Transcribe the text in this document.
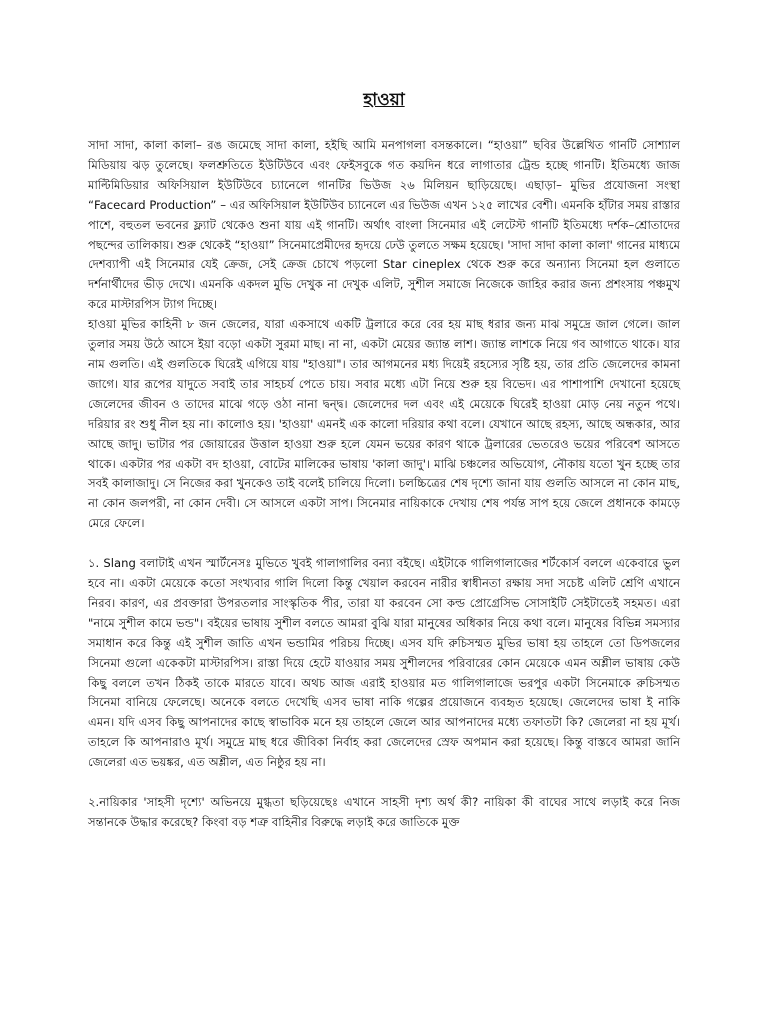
হাওয়া

সাদা সাদা, কালা কালা– রঙ জমেছে সাদা কালা, হইছি আমি মনপাগলা বসন্তকালে। “হাওয়া” ছবির উল্লেখিত গানটি সোশ্যাল মিডিয়ায় ঝড় তুলেছে। ফলশ্রুতিতে ইউটিউবে এবং ফেইসবুকে গত কয়দিন ধরে লাগাতার ট্রেন্ড হচ্ছে গানটি। ইতিমধ্যে জাজ মাল্টিমিডিয়ার অফিসিয়াল ইউটিউবে চ্যানেলে গানটির ভিউজ ২৬ মিলিয়ন ছাড়িয়েছে। এছাড়া– মুভির প্রযোজনা সংস্থা “Facecard Production” – এর অফিসিয়াল ইউটিউব চ্যানেলে এর ভিউজ এখন ১২৫ লাখের বেশী। এমনকি হাঁটার সময় রাস্তার পাশে, বহুতল ভবনের ফ্ল্যাট থেকেও শুনা যায় এই গানটি। অর্থাৎ বাংলা সিনেমার এই লেটেস্ট গানটি ইতিমধ্যে দর্শক–শ্রোতাদের পছন্দের তালিকায়। শুরু থেকেই “হাওয়া” সিনেমাপ্রেমীদের হৃদয়ে ঢেউ তুলতে সক্ষম হয়েছে। 'সাদা সাদা কালা কালা' গানের মাধ্যমে দেশব্যাপী এই সিনেমার যেই ক্রেজ, সেই ক্রেজ চোখে পড়লো Star cineplex থেকে শুরু করে অন্যান্য সিনেমা হল গুলাতে দর্শনার্থীদের ভীড় দেখে। এমনকি একদল মুভি দেখুক না দেখুক এলিট, সুশীল সমাজে নিজেকে জাহির করার জন্য প্রশংসায় পঞ্চমুখ করে মাস্টারপিস ট্যাগ দিচ্ছে।

হাওয়া মুভির কাহিনী ৮ জন জেলের, যারা একসাথে একটি ট্রলারে করে বের হয় মাছ ধরার জন্য মাঝ সমুদ্রে জাল গেলে। জাল তুলার সময় উঠে আসে ইয়া বড়ো একটা সুরমা মাছ। না না, একটা মেয়ের জ্যান্ত লাশ। জ্যান্ত লাশকে নিয়ে গব আগাতে থাকে। যার নাম গুলতি। এই গুলতিকে ঘিরেই এগিয়ে যায় "হাওয়া"। তার আগমনের মধ্য দিয়েই রহস্যের সৃষ্টি হয়, তার প্রতি জেলেদের কামনা জাগে। যার রূপের যাদুতে সবাই তার সাহচর্য পেতে চায়। সবার মধ্যে এটা নিয়ে শুরু হয় বিভেদ। এর পাশাপাশি দেখানো হয়েছে জেলেদের জীবন ও তাদের মাঝে গড়ে ওঠা নানা দ্বন্দ্ব। জেলেদের দল এবং এই মেয়েকে ঘিরেই হাওয়া মোড় নেয় নতুন পথে। দরিয়ার রং শুধু নীল হয় না। কালোও হয়। 'হাওয়া' এমনই এক কালো দরিয়ার কথা বলে। যেখানে আছে রহস্য, আছে অন্ধকার, আর আছে জাদু। ভাটার পর জোয়ারের উত্তাল হাওয়া শুরু হলে যেমন ভয়ের কারণ থাকে ট্রলারের ভেতরেও ভয়ের পরিবেশ আসতে থাকে। একটার পর একটা বদ হাওয়া, বোটের মালিকের ভাষায় 'কালা জাদু'। মাঝি চঞ্চলের অভিযোগ, নৌকায় যতো খুন হচ্ছে তার সবই কালাজাদু। সে নিজের করা খুনকেও তাই বলেই চালিয়ে দিলো। চলচ্চিত্রের শেষ দৃশ্যে জানা যায় গুলতি আসলে না কোন মাছ, না কোন জলপরী, না কোন দেবী। সে আসলে একটা সাপ। সিনেমার নায়িকাকে দেখায় শেষ পর্যন্ত সাপ হয়ে জেলে প্রধানকে কামড়ে মেরে ফেলে।

১. Slang বলাটাই এখন স্মার্টনেসঃ মুভিতে খুবই গালাগালির বন্যা বইছে। এইটাকে গালিগালাজের শর্টকোর্স বললে একেবারে ভুল হবে না। একটা মেয়েকে কতো সংখ্যবার গালি দিলো কিন্তু খেয়াল করবেন নারীর স্বাধীনতা রক্ষায় সদা সচেষ্ট এলিট শ্রেণি এখানে নিরব। কারণ, এর প্রবক্তারা উপরতলার সাংস্কৃতিক পীর, তারা যা করবেন সো কল্ড প্রোগ্রেসিভ সোসাইটি সেইটাতেই সহমত। এরা "নামে সুশীল কামে ভন্ড"। বইয়ের ভাষায় সুশীল বলতে আমরা বুঝি যারা মানুষের অধিকার নিয়ে কথা বলে। মানুষের বিভিন্ন সমস্যার সমাধান করে কিন্তু এই সুশীল জাতি এখন ভন্ডামির পরিচয় দিচ্ছে। এসব যদি রুচিসম্মত মুভির ভাষা হয় তাহলে তো ডিপজলের সিনেমা গুলো একেকটা মাস্টারপিস। রাস্তা দিয়ে হেটে যাওয়ার সময় সুশীলদের পরিবারের কোন মেয়েকে এমন অশ্লীল ভাষায় কেউ কিছু বললে তখন ঠিকই তাকে মারতে যাবে। অথচ আজ এরাই হাওয়ার মত গালিগালাজে ভরপুর একটা সিনেমাকে রুচিসম্মত সিনেমা বানিয়ে ফেলেছে। অনেকে বলতে দেখেছি এসব ভাষা নাকি গল্পের প্রয়োজনে ব্যবহৃত হয়েছে। জেলেদের ভাষা ই নাকি এমন। যদি এসব কিছু আপনাদের কাছে স্বাভাবিক মনে হয় তাহলে জেলে আর আপনাদের মধ্যে তফাতটা কি? জেলেরা না হয় মূর্খ।তাহলে কি আপনারাও মূর্খ। সমুদ্রে মাছ ধরে জীবিকা নির্বাহ করা জেলেদের স্রেফ অপমান করা হয়েছে। কিন্তু বাস্তবে আমরা জানি জেলেরা এত ভয়ঙ্কর, এত অশ্লীল, এত নিষ্ঠুর হয় না।

২.নায়িকার 'সাহসী দৃশ্যে' অভিনয়ে মুগ্ধতা ছড়িয়েছেঃ এখানে সাহসী দৃশ্য অর্থ কী? নায়িকা কী বাঘের সাথে লড়াই করে নিজ সন্তানকে উদ্ধার করেছে? কিংবা বড় শত্রু বাহিনীর বিরুদ্ধে লড়াই করে জাতিকে মুক্ত
